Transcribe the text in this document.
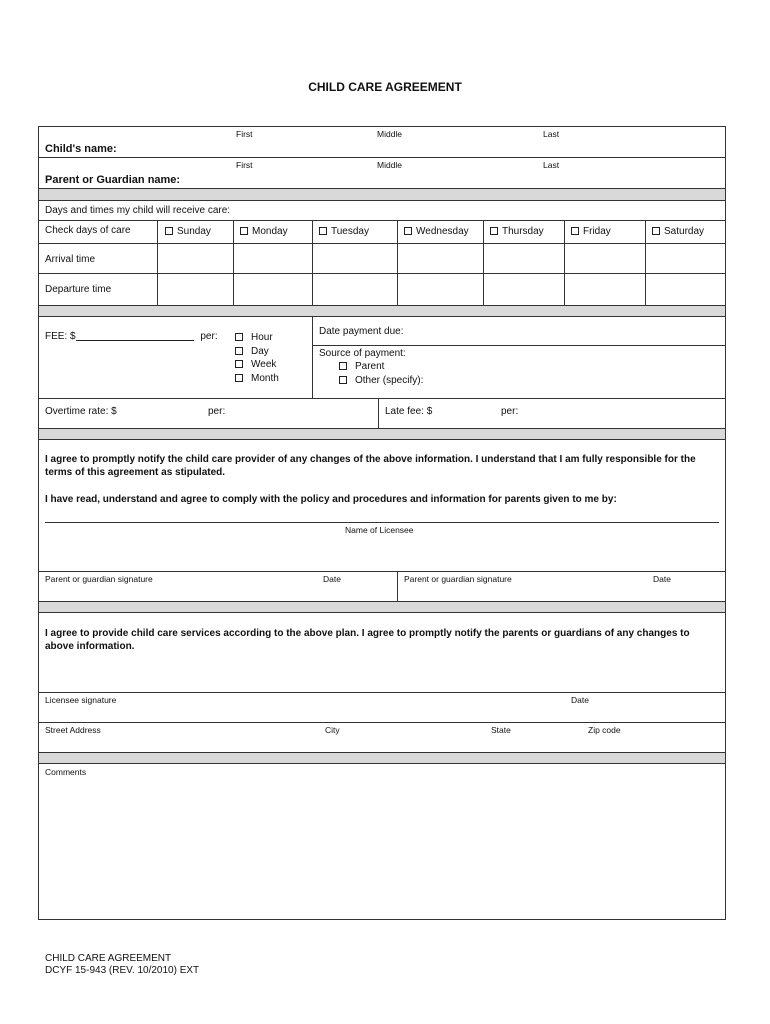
CHILD CARE AGREEMENT
First	Middle	Last
Child's name:
First	Middle	Last
Parent or Guardian name:
Days and times my child will receive care:
Check days of care	Sunday	Monday	Tuesday	Wednesday	Thursday	Friday	Saturday
Arrival time
Departure time
FEE: $	per:	Hour
Day
Week
Month
Date payment due:
Source of payment:
Parent
Other (specify):
Overtime rate: $	per:	Late fee: $	per:
I agree to promptly notify the child care provider of any changes of the above information. I understand that I am fully responsible for the terms of this agreement as stipulated.
I have read, understand and agree to comply with the policy and procedures and information for parents given to me by:
Name of Licensee
Parent or guardian signature	Date	Parent or guardian signature	Date
I agree to provide child care services according to the above plan. I agree to promptly notify the parents or guardians of any changes to above information.
Licensee signature	Date
Street Address	City	State	Zip code
Comments
CHILD CARE AGREEMENT
DCYF 15-943 (REV. 10/2010) EXT
